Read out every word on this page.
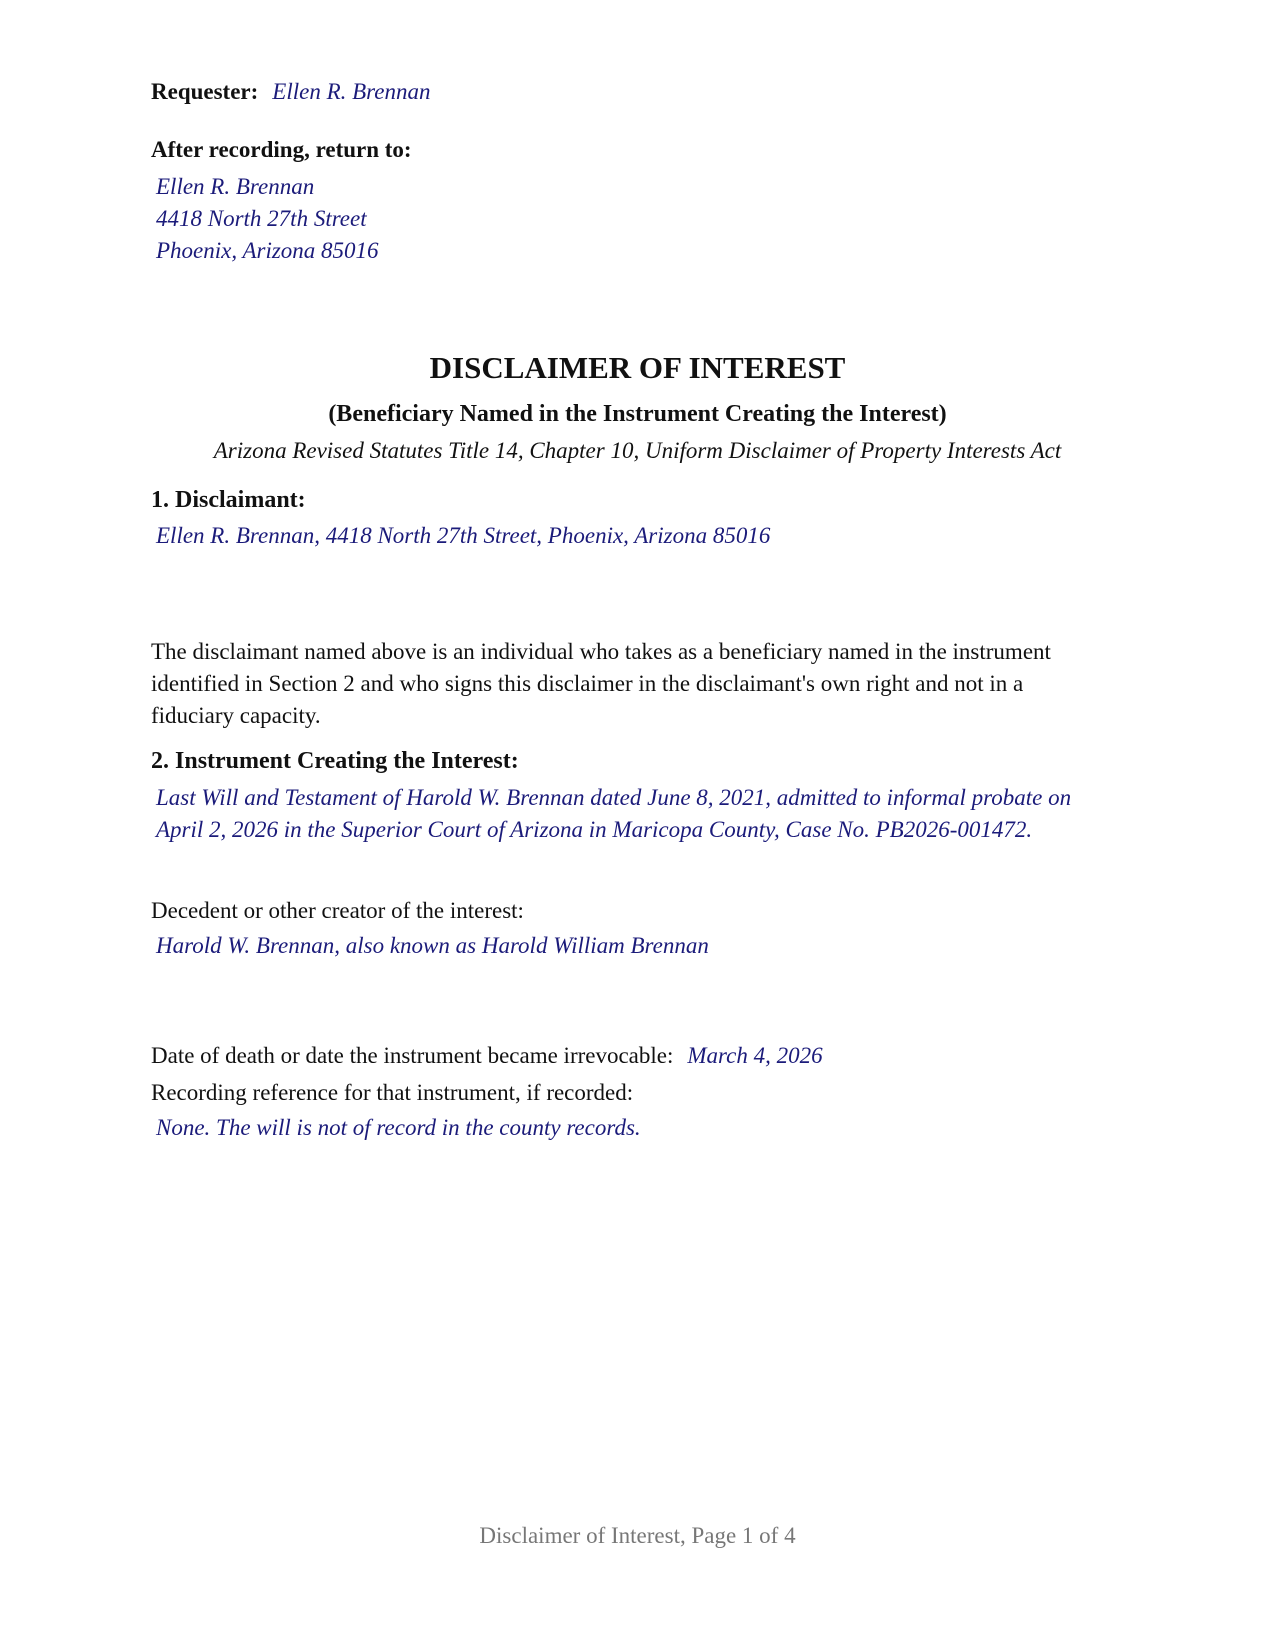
Requester: Ellen R. Brennan
After recording, return to:
Ellen R. Brennan
4418 North 27th Street
Phoenix, Arizona 85016
DISCLAIMER OF INTEREST
(Beneficiary Named in the Instrument Creating the Interest)
Arizona Revised Statutes Title 14, Chapter 10, Uniform Disclaimer of Property Interests Act
1. Disclaimant:
Ellen R. Brennan, 4418 North 27th Street, Phoenix, Arizona 85016
The disclaimant named above is an individual who takes as a beneficiary named in the instrument identified in Section 2 and who signs this disclaimer in the disclaimant's own right and not in a fiduciary capacity.
2. Instrument Creating the Interest:
Last Will and Testament of Harold W. Brennan dated June 8, 2021, admitted to informal probate on April 2, 2026 in the Superior Court of Arizona in Maricopa County, Case No. PB2026-001472.
Decedent or other creator of the interest:
Harold W. Brennan, also known as Harold William Brennan
Date of death or date the instrument became irrevocable: March 4, 2026
Recording reference for that instrument, if recorded:
None. The will is not of record in the county records.
Disclaimer of Interest, Page 1 of 4
